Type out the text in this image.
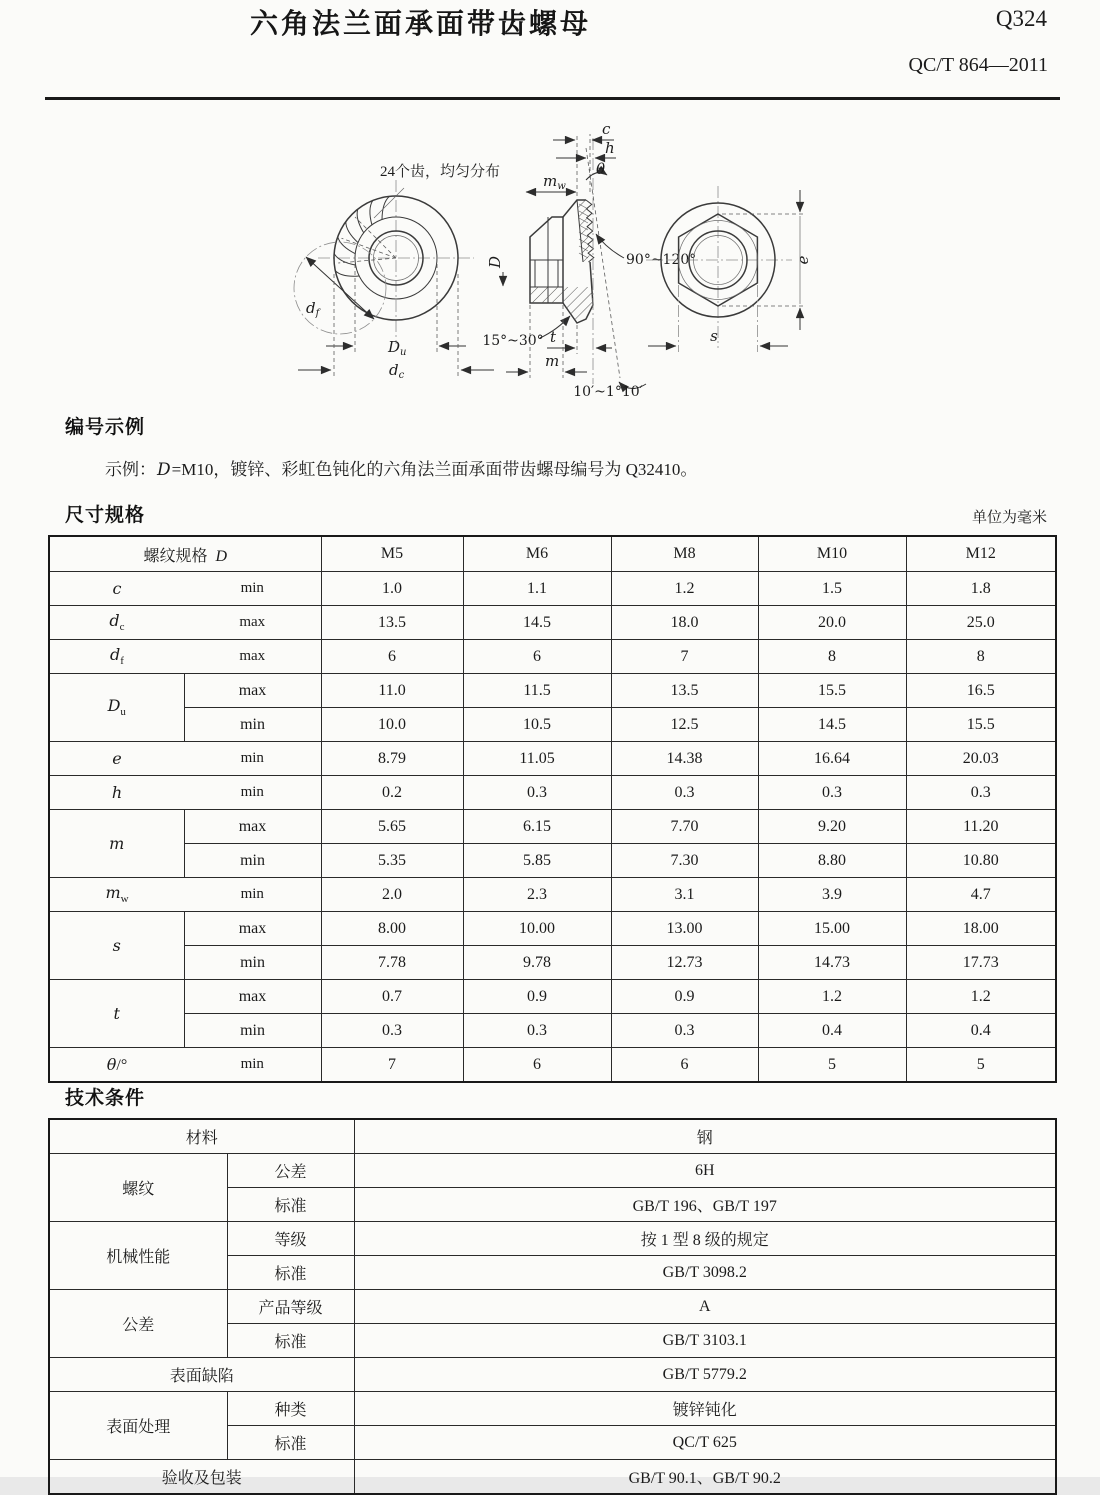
六角法兰面承面带齿螺母	Q324
QC/T 864—2011
24个齿，均匀分布
$d_f$
$D_u$
$d_c$
c
h
θ
$m_w$
D	90°~120°
15°~30° t
m
10′~1°10′
e
s
编号示例

示例：D=M10，镀锌、彩虹色钝化的六角法兰面承面带齿螺母编号为 Q32410。

尺寸规格	单位为毫米
螺纹规格 D		M5	M6	M8	M10	M12

c min		1.0	1.1	1.2	1.5	1.8

$d_c$ max		13.5	14.5	18.0	20.0	25.0

$d_f$ max		6	6	7	8	8
$D_u$	max	11.0	11.5	13.5	15.5	16.5
	min	10.0	10.5	12.5	14.5	15.5

e min		8.79	11.05	14.38	16.64	20.03

h min		0.2	0.3	0.3	0.3	0.3
m	max	5.65	6.15	7.70	9.20	11.20
	min	5.35	5.85	7.30	8.80	10.80

$m_w$ min		2.0	2.3	3.1	3.9	4.7
s	max	8.00	10.00	13.00	15.00	18.00
	min	7.78	9.78	12.73	14.73	17.73
t	max	0.7	0.9	0.9	1.2	1.2
	min	0.3	0.3	0.3	0.4	0.4

θ/° min		7	6	6	5	5
技术条件
材料		钢
螺纹	公差	6H
	标准	GB/T 196、GB/T 197
机械性能	等级	按 1 型 8 级的规定
	标准	GB/T 3098.2
公差	产品等级	A
	标准	GB/T 3103.1
表面缺陷		GB/T 5779.2
表面处理	种类	镀锌钝化
	标准	QC/T 625
验收及包装		GB/T 90.1、GB/T 90.2
